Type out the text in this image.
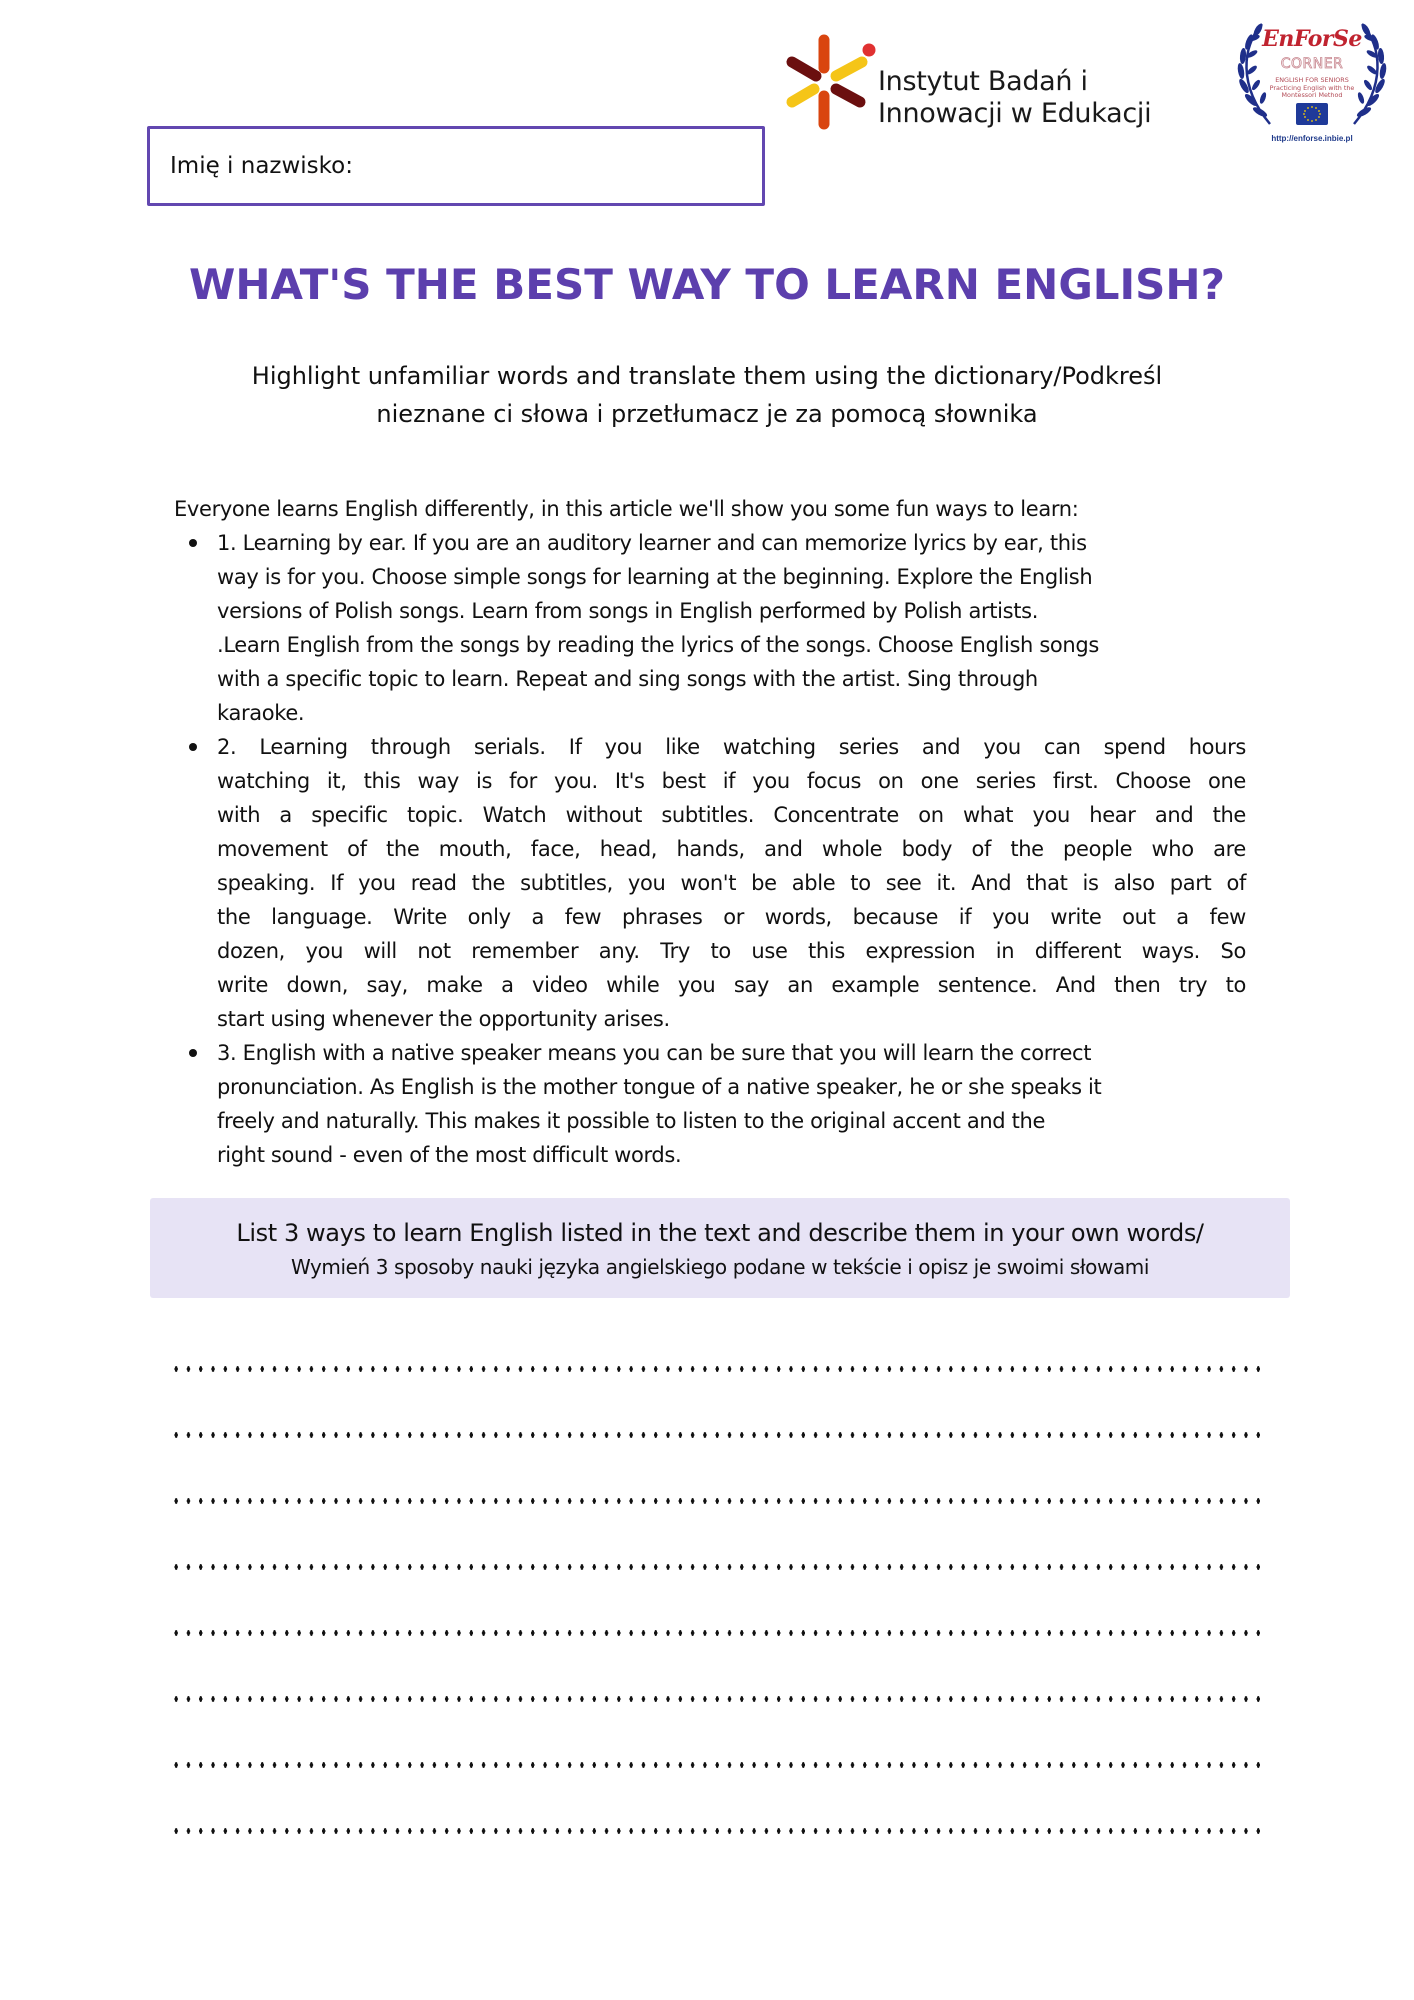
Instytut Badań i
Innowacji w Edukacji
EnForSe
CORNER
ENGLISH FOR SENIORS
Practicing English with the
Montessori Method
http://enforse.inbie.pl
Imię i nazwisko:
WHAT'S THE BEST WAY TO LEARN ENGLISH?
Highlight unfamiliar words and translate them using the dictionary/Podkreśl
nieznane ci słowa i przetłumacz je za pomocą słownika
Everyone learns English differently, in this article we'll show you some fun ways to learn:
1. Learning by ear. If you are an auditory learner and can memorize lyrics by ear, this
way is for you. Choose simple songs for learning at the beginning. Explore the English
versions of Polish songs. Learn from songs in English performed by Polish artists.
.Learn English from the songs by reading the lyrics of the songs. Choose English songs
with a specific topic to learn. Repeat and sing songs with the artist. Sing through
karaoke.
2. Learning through serials. If you like watching series and you can spend hours
watching it, this way is for you. It's best if you focus on one series first. Choose one
with a specific topic. Watch without subtitles. Concentrate on what you hear and the
movement of the mouth, face, head, hands, and whole body of the people who are
speaking. If you read the subtitles, you won't be able to see it. And that is also part of
the language. Write only a few phrases or words, because if you write out a few
dozen, you will not remember any. Try to use this expression in different ways. So
write down, say, make a video while you say an example sentence. And then try to
start using whenever the opportunity arises.
3. English with a native speaker means you can be sure that you will learn the correct
pronunciation. As English is the mother tongue of a native speaker, he or she speaks it
freely and naturally. This makes it possible to listen to the original accent and the
right sound - even of the most difficult words.
List 3 ways to learn English listed in the text and describe them in your own words/
Wymień 3 sposoby nauki języka angielskiego podane w tekście i opisz je swoimi słowami
